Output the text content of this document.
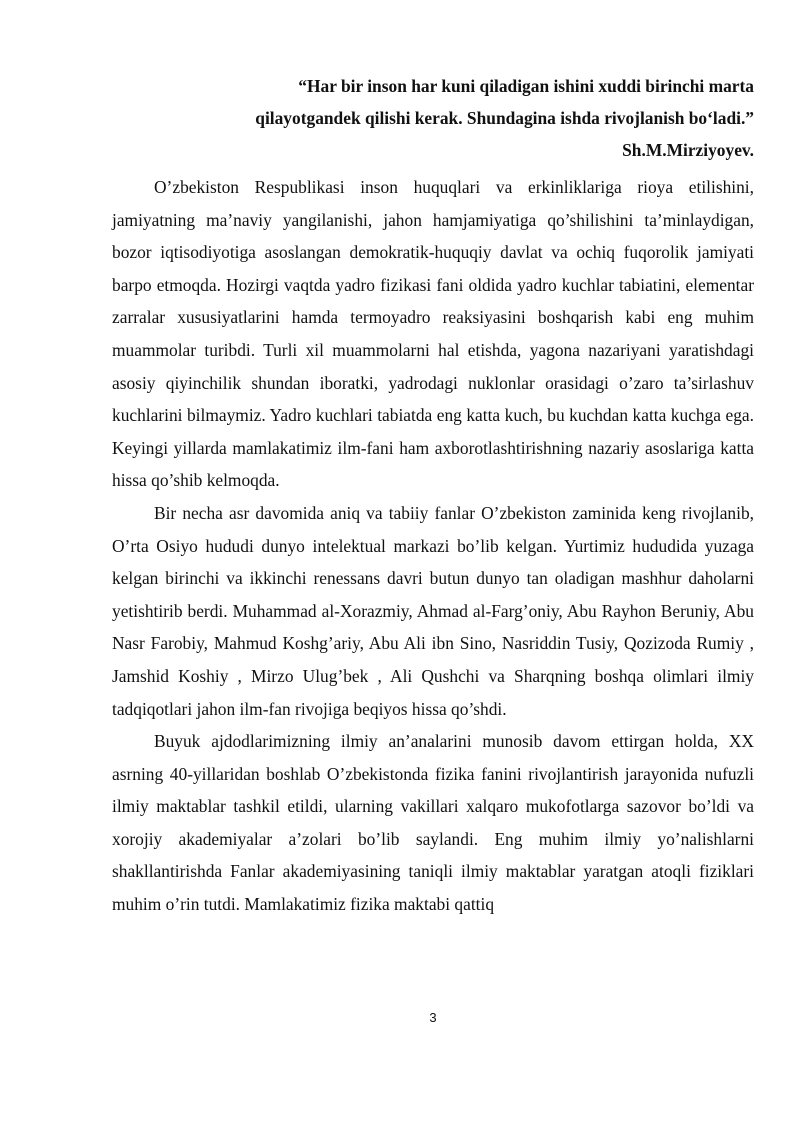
“Har bir inson har kuni qiladigan ishini xuddi birinchi marta
qilayotgandek qilishi kerak. Shundagina ishda rivojlanish bo‘ladi.”
Sh.M.Mirziyoyev.

O’zbekiston Respublikasi inson huquqlari va erkinliklariga rioya etilishini, jamiyatning ma’naviy yangilanishi, jahon hamjamiyatiga qo’shilishini ta’minlaydigan, bozor iqtisodiyotiga asoslangan demokratik-huquqiy davlat va ochiq fuqorolik jamiyati barpo etmoqda. Hozirgi vaqtda yadro fizikasi fani oldida yadro kuchlar tabiatini, elementar zarralar xususiyatlarini hamda termoyadro reaksiyasini boshqarish kabi eng muhim muammolar turibdi. Turli xil muammolarni hal etishda, yagona nazariyani yaratishdagi asosiy qiyinchilik shundan iboratki, yadrodagi nuklonlar orasidagi o’zaro ta’sirlashuv kuchlarini bilmaymiz. Yadro kuchlari tabiatda eng katta kuch, bu kuchdan katta kuchga ega. Keyingi yillarda mamlakatimiz ilm-fani ham axborotlashtirishning nazariy asoslariga katta hissa qo’shib kelmoqda.

Bir necha asr davomida aniq va tabiiy fanlar O’zbekiston zaminida keng rivojlanib, O’rta Osiyo hududi dunyo intelektual markazi bo’lib kelgan. Yurtimiz hududida yuzaga kelgan birinchi va ikkinchi renessans davri butun dunyo tan oladigan mashhur daholarni yetishtirib berdi. Muhammad al-Xorazmiy, Ahmad al-Farg’oniy, Abu Rayhon Beruniy, Abu Nasr Farobiy, Mahmud Koshg’ariy, Abu Ali ibn Sino, Nasriddin Tusiy, Qozizoda Rumiy , Jamshid Koshiy , Mirzo Ulug’bek , Ali Qushchi va Sharqning boshqa olimlari ilmiy tadqiqotlari jahon ilm-fan rivojiga beqiyos hissa qo’shdi.

Buyuk ajdodlarimizning ilmiy an’analarini munosib davom ettirgan holda, XX asrning 40-yillaridan boshlab O’zbekistonda fizika fanini rivojlantirish jarayonida nufuzli ilmiy maktablar tashkil etildi, ularning vakillari xalqaro mukofotlarga sazovor bo’ldi va xorojiy akademiyalar a’zolari bo’lib saylandi. Eng muhim ilmiy yo’nalishlarni shakllantirishda Fanlar akademiyasining taniqli ilmiy maktablar yaratgan atoqli fiziklari muhim o’rin tutdi. Mamlakatimiz fizika maktabi qattiq

3
